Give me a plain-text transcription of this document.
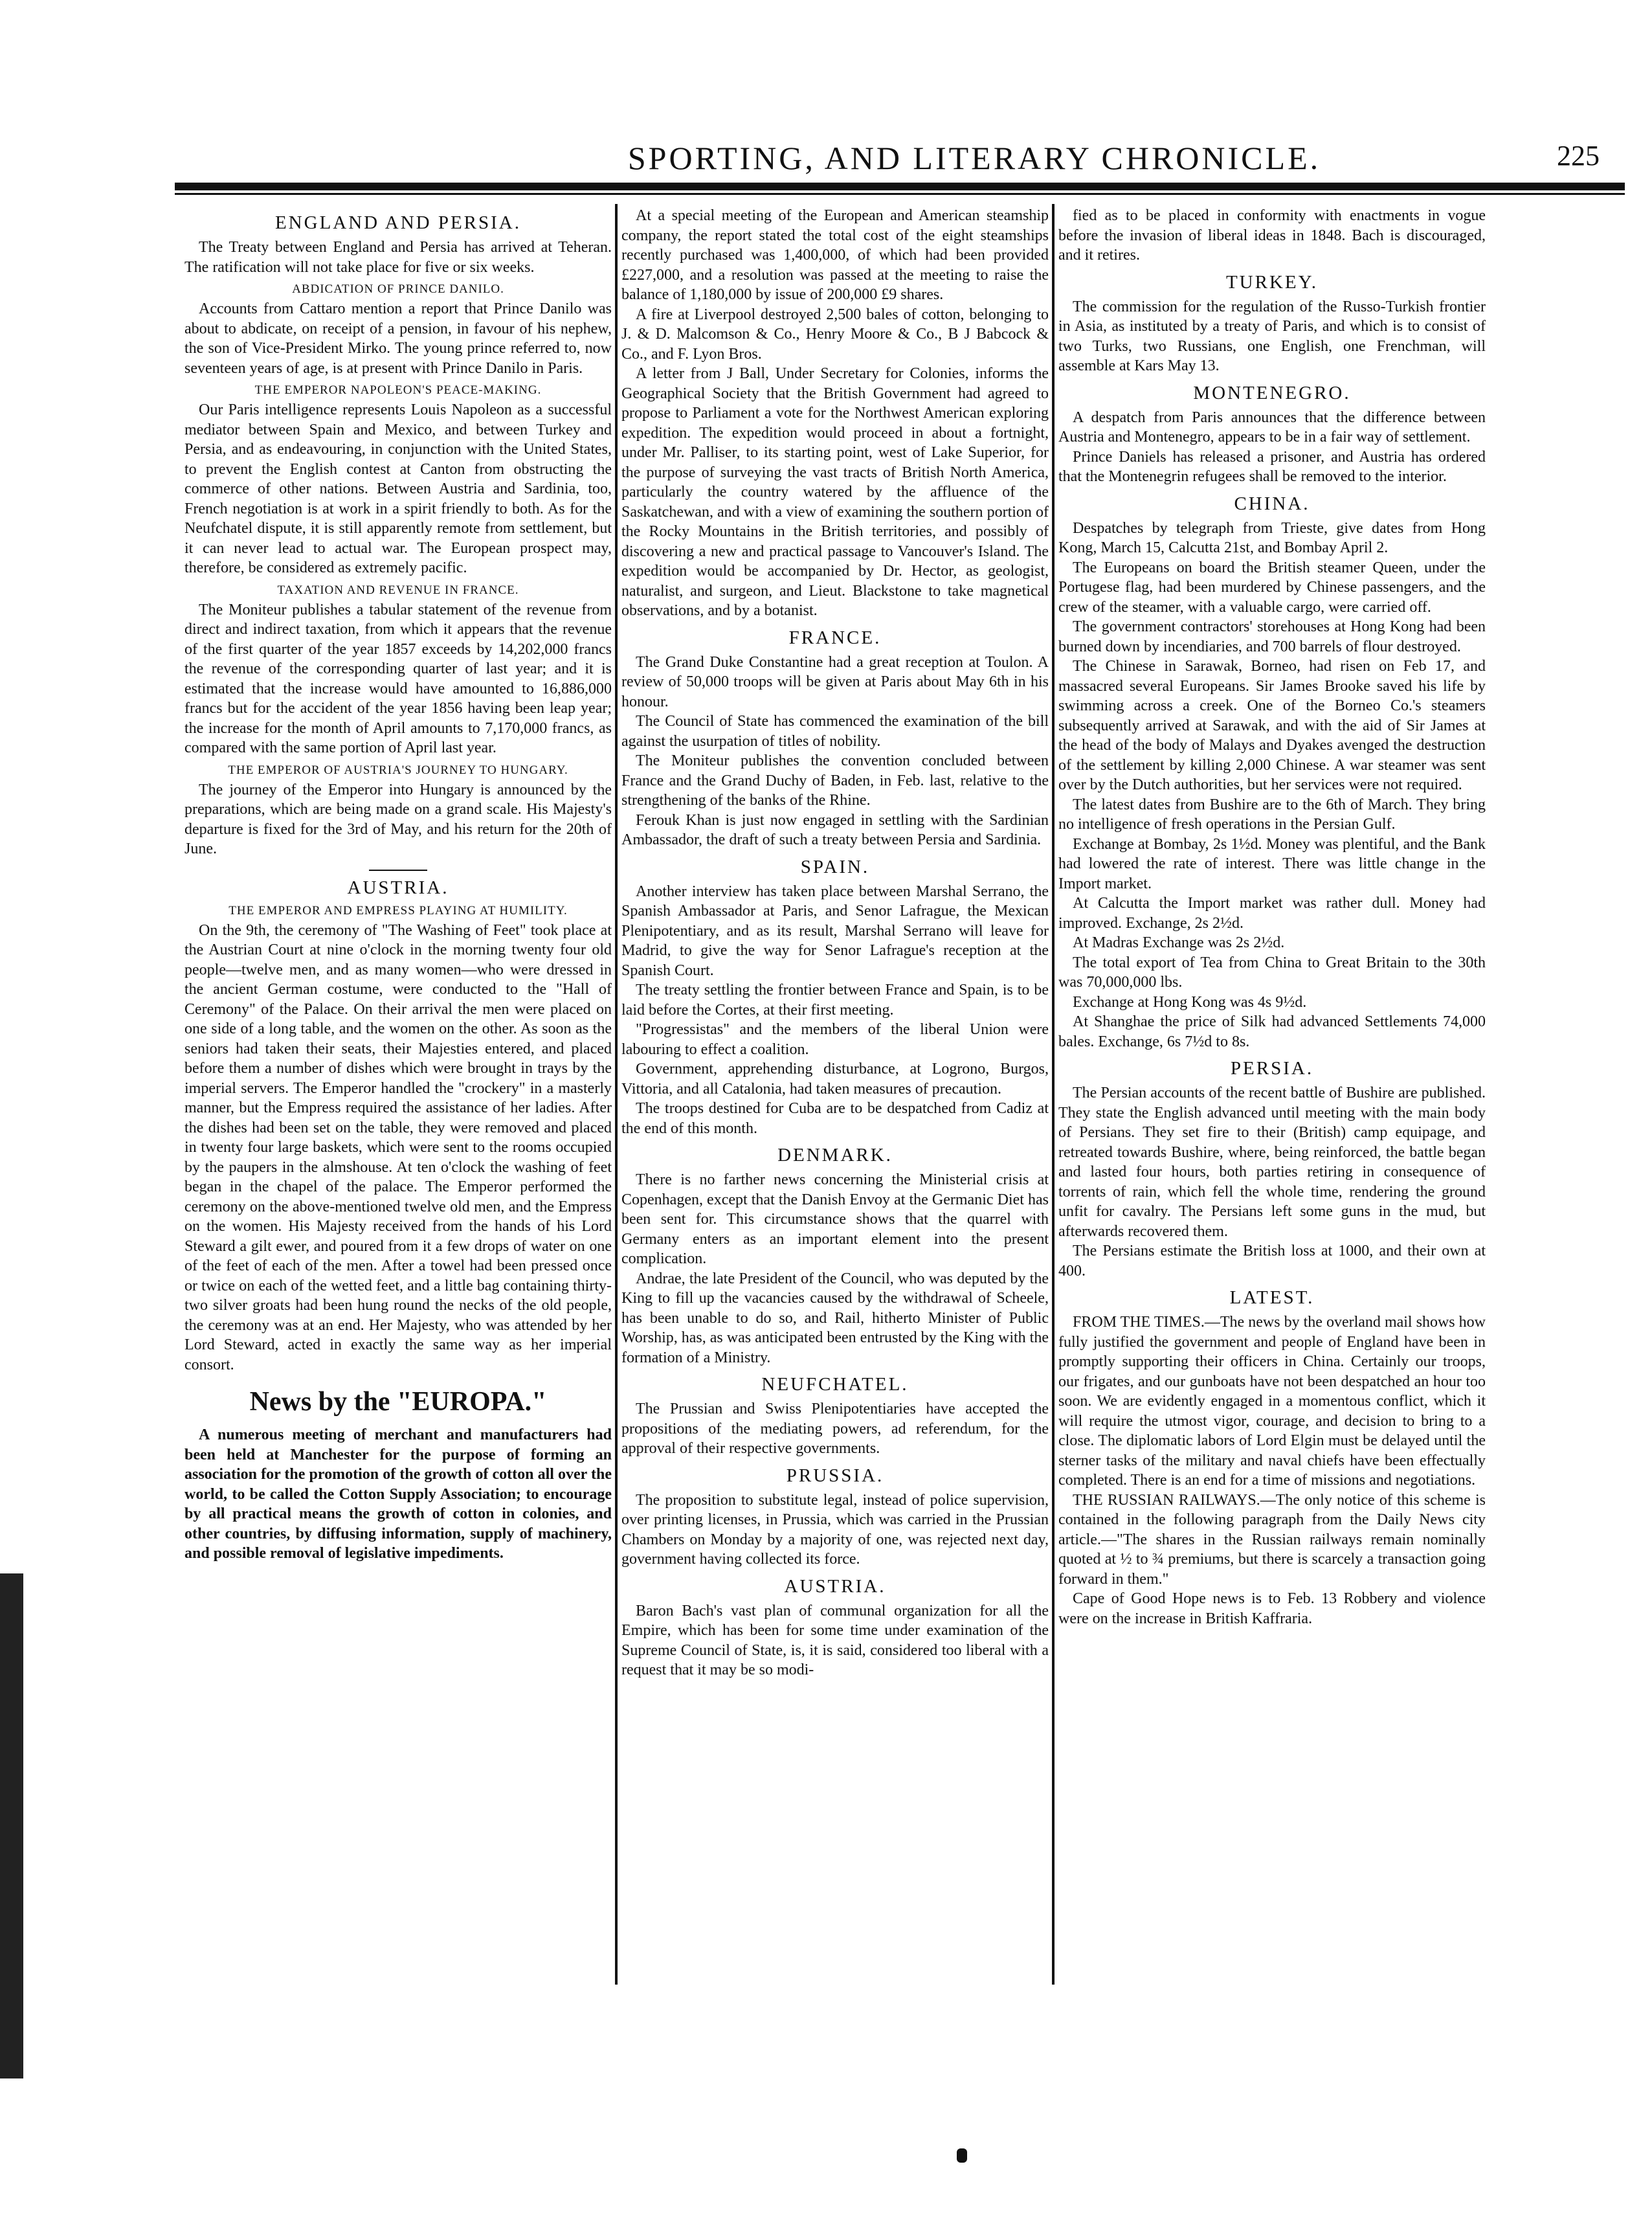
SPORTING, AND LITERARY CHRONICLE.	225
ENGLAND AND PERSIA.

The Treaty between England and Persia has arrived at Teheran. The ratification will not take place for five or six weeks.

ABDICATION OF PRINCE DANILO.

Accounts from Cattaro mention a report that Prince Danilo was about to abdicate, on receipt of a pension, in favour of his nephew, the son of Vice-President Mirko. The young prince referred to, now seventeen years of age, is at present with Prince Danilo in Paris.

THE EMPEROR NAPOLEON'S PEACE-MAKING.

Our Paris intelligence represents Louis Napoleon as a successful mediator between Spain and Mexico, and between Turkey and Persia, and as endeavouring, in conjunction with the United States, to prevent the English contest at Canton from obstructing the commerce of other nations. Between Austria and Sardinia, too, French negotiation is at work in a spirit friendly to both. As for the Neufchatel dispute, it is still apparently remote from settlement, but it can never lead to actual war. The European prospect may, therefore, be considered as extremely pacific.

TAXATION AND REVENUE IN FRANCE.

The Moniteur publishes a tabular statement of the revenue from direct and indirect taxation, from which it appears that the revenue of the first quarter of the year 1857 exceeds by 14,202,000 francs the revenue of the corresponding quarter of last year; and it is estimated that the increase would have amounted to 16,886,000 francs but for the accident of the year 1856 having been leap year; the increase for the month of April amounts to 7,170,000 francs, as compared with the same portion of April last year.

THE EMPEROR OF AUSTRIA'S JOURNEY TO HUNGARY.

The journey of the Emperor into Hungary is announced by the preparations, which are being made on a grand scale. His Majesty's departure is fixed for the 3rd of May, and his return for the 20th of June.

AUSTRIA.
THE EMPEROR AND EMPRESS PLAYING AT HUMILITY.

On the 9th, the ceremony of "The Washing of Feet" took place at the Austrian Court at nine o'clock in the morning twenty four old people—twelve men, and as many women—who were dressed in the ancient German costume, were conducted to the "Hall of Ceremony" of the Palace. On their arrival the men were placed on one side of a long table, and the women on the other. As soon as the seniors had taken their seats, their Majesties entered, and placed before them a number of dishes which were brought in trays by the imperial servers. The Emperor handled the "crockery" in a masterly manner, but the Empress required the assistance of her ladies. After the dishes had been set on the table, they were removed and placed in twenty four large baskets, which were sent to the rooms occupied by the paupers in the almshouse. At ten o'clock the washing of feet began in the chapel of the palace. The Emperor performed the ceremony on the above-mentioned twelve old men, and the Empress on the women. His Majesty received from the hands of his Lord Steward a gilt ewer, and poured from it a few drops of water on one of the feet of each of the men. After a towel had been pressed once or twice on each of the wetted feet, and a little bag containing thirty-two silver groats had been hung round the necks of the old people, the ceremony was at an end. Her Majesty, who was attended by her Lord Steward, acted in exactly the same way as her imperial consort.

News by the "EUROPA."

A numerous meeting of merchant and manufacturers had been held at Manchester for the purpose of forming an association for the promotion of the growth of cotton all over the world, to be called the Cotton Supply Association; to encourage by all practical means the growth of cotton in colonies, and other countries, by diffusing information, supply of machinery, and possible removal of legislative impediments.

At a special meeting of the European and American steamship company, the report stated the total cost of the eight steamships recently purchased was 1,400,000, of which had been provided £227,000, and a resolution was passed at the meeting to raise the balance of 1,180,000 by issue of 200,000 £9 shares.

A fire at Liverpool destroyed 2,500 bales of cotton, belonging to J. & D. Malcomson & Co., Henry Moore & Co., B J Babcock & Co., and F. Lyon Bros.

A letter from J Ball, Under Secretary for Colonies, informs the Geographical Society that the British Government had agreed to propose to Parliament a vote for the Northwest American exploring expedition. The expedition would proceed in about a fortnight, under Mr. Palliser, to its starting point, west of Lake Superior, for the purpose of surveying the vast tracts of British North America, particularly the country watered by the affluence of the Saskatchewan, and with a view of examining the southern portion of the Rocky Mountains in the British territories, and possibly of discovering a new and practical passage to Vancouver's Island. The expedition would be accompanied by Dr. Hector, as geologist, naturalist, and surgeon, and Lieut. Blackstone to take magnetical observations, and by a botanist.

FRANCE.

The Grand Duke Constantine had a great reception at Toulon. A review of 50,000 troops will be given at Paris about May 6th in his honour.

The Council of State has commenced the examination of the bill against the usurpation of titles of nobility.

The Moniteur publishes the convention concluded between France and the Grand Duchy of Baden, in Feb. last, relative to the strengthening of the banks of the Rhine.

Ferouk Khan is just now engaged in settling with the Sardinian Ambassador, the draft of such a treaty between Persia and Sardinia.

SPAIN.

Another interview has taken place between Marshal Serrano, the Spanish Ambassador at Paris, and Senor Lafrague, the Mexican Plenipotentiary, and as its result, Marshal Serrano will leave for Madrid, to give the way for Senor Lafrague's reception at the Spanish Court.

The treaty settling the frontier between France and Spain, is to be laid before the Cortes, at their first meeting.

"Progressistas" and the members of the liberal Union were labouring to effect a coalition.

Government, apprehending disturbance, at Logrono, Burgos, Vittoria, and all Catalonia, had taken measures of precaution.

The troops destined for Cuba are to be despatched from Cadiz at the end of this month.

DENMARK.

There is no farther news concerning the Ministerial crisis at Copenhagen, except that the Danish Envoy at the Germanic Diet has been sent for. This circumstance shows that the quarrel with Germany enters as an important element into the present complication.

Andrae, the late President of the Council, who was deputed by the King to fill up the vacancies caused by the withdrawal of Scheele, has been unable to do so, and Rail, hitherto Minister of Public Worship, has, as was anticipated been entrusted by the King with the formation of a Ministry.

NEUFCHATEL.

The Prussian and Swiss Plenipotentiaries have accepted the propositions of the mediating powers, ad referendum, for the approval of their respective governments.

PRUSSIA.

The proposition to substitute legal, instead of police supervision, over printing licenses, in Prussia, which was carried in the Prussian Chambers on Monday by a majority of one, was rejected next day, government having collected its force.

AUSTRIA.

Baron Bach's vast plan of communal organization for all the Empire, which has been for some time under examination of the Supreme Council of State, is, it is said, considered too liberal with a request that it may be so modi-

fied as to be placed in conformity with enactments in vogue before the invasion of liberal ideas in 1848. Bach is discouraged, and it retires.

TURKEY.

The commission for the regulation of the Russo-Turkish frontier in Asia, as instituted by a treaty of Paris, and which is to consist of two Turks, two Russians, one English, one Frenchman, will assemble at Kars May 13.

MONTENEGRO.

A despatch from Paris announces that the difference between Austria and Montenegro, appears to be in a fair way of settlement.

Prince Daniels has released a prisoner, and Austria has ordered that the Montenegrin refugees shall be removed to the interior.

CHINA.

Despatches by telegraph from Trieste, give dates from Hong Kong, March 15, Calcutta 21st, and Bombay April 2.

The Europeans on board the British steamer Queen, under the Portugese flag, had been murdered by Chinese passengers, and the crew of the steamer, with a valuable cargo, were carried off.

The government contractors' storehouses at Hong Kong had been burned down by incendiaries, and 700 barrels of flour destroyed.

The Chinese in Sarawak, Borneo, had risen on Feb 17, and massacred several Europeans. Sir James Brooke saved his life by swimming across a creek. One of the Borneo Co.'s steamers subsequently arrived at Sarawak, and with the aid of Sir James at the head of the body of Malays and Dyakes avenged the destruction of the settlement by killing 2,000 Chinese. A war steamer was sent over by the Dutch authorities, but her services were not required.

The latest dates from Bushire are to the 6th of March. They bring no intelligence of fresh operations in the Persian Gulf.

Exchange at Bombay, 2s 1½d. Money was plentiful, and the Bank had lowered the rate of interest. There was little change in the Import market.

At Calcutta the Import market was rather dull. Money had improved. Exchange, 2s 2½d.

At Madras Exchange was 2s 2½d.

The total export of Tea from China to Great Britain to the 30th was 70,000,000 lbs.

Exchange at Hong Kong was 4s 9½d.

At Shanghae the price of Silk had advanced Settlements 74,000 bales. Exchange, 6s 7½d to 8s.

PERSIA.

The Persian accounts of the recent battle of Bushire are published. They state the English advanced until meeting with the main body of Persians. They set fire to their (British) camp equipage, and retreated towards Bushire, where, being reinforced, the battle began and lasted four hours, both parties retiring in consequence of torrents of rain, which fell the whole time, rendering the ground unfit for cavalry. The Persians left some guns in the mud, but afterwards recovered them.

The Persians estimate the British loss at 1000, and their own at 400.

LATEST.

FROM THE TIMES.—The news by the overland mail shows how fully justified the government and people of England have been in promptly supporting their officers in China. Certainly our troops, our frigates, and our gunboats have not been despatched an hour too soon. We are evidently engaged in a momentous conflict, which it will require the utmost vigor, courage, and decision to bring to a close. The diplomatic labors of Lord Elgin must be delayed until the sterner tasks of the military and naval chiefs have been effectually completed. There is an end for a time of missions and negotiations.

THE RUSSIAN RAILWAYS.—The only notice of this scheme is contained in the following paragraph from the Daily News city article.—"The shares in the Russian railways remain nominally quoted at ½ to ¾ premiums, but there is scarcely a transaction going forward in them."

Cape of Good Hope news is to Feb. 13 Robbery and violence were on the increase in British Kaffraria.
